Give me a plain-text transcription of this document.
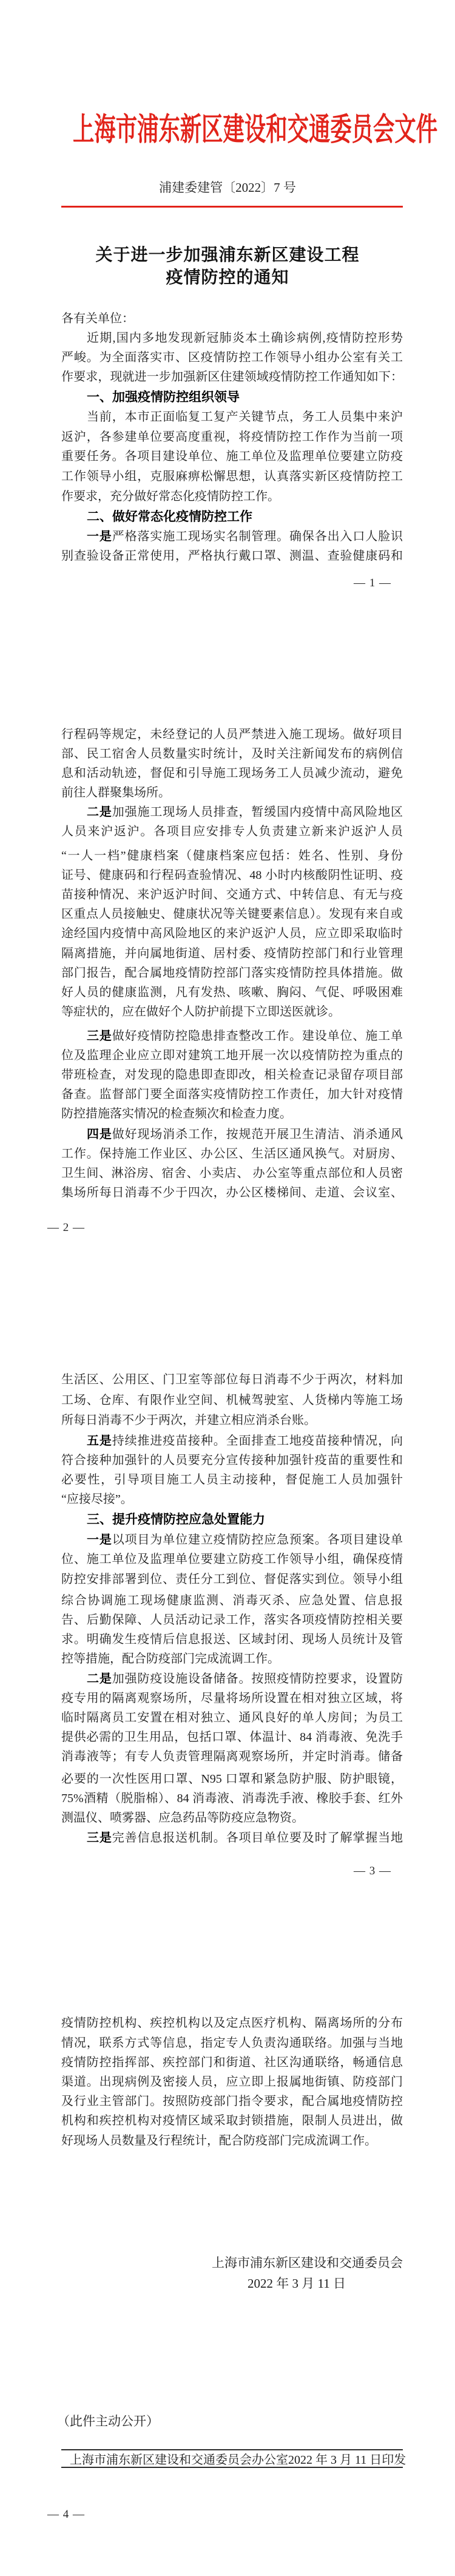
上海市浦东新区建设和交通委员会文件
浦建委建管〔2022〕7 号
关于进一步加强浦东新区建设工程
疫情防控的通知
各有关单位：
近期,国内多地发现新冠肺炎本土确诊病例,疫情防控形势
严峻。为全面落实市、区疫情防控工作领导小组办公室有关工
作要求，现就进一步加强新区住建领域疫情防控工作通知如下：
一、加强疫情防控组织领导
当前，本市正面临复工复产关键节点，务工人员集中来沪
返沪，各参建单位要高度重视，将疫情防控工作作为当前一项
重要任务。各项目建设单位、施工单位及监理单位要建立防疫
工作领导小组，克服麻痹松懈思想，认真落实新区疫情防控工
作要求，充分做好常态化疫情防控工作。
二、做好常态化疫情防控工作
一是严格落实施工现场实名制管理。确保各出入口人脸识
别查验设备正常使用，严格执行戴口罩、测温、查验健康码和
行程码等规定，未经登记的人员严禁进入施工现场。做好项目
部、民工宿舍人员数量实时统计，及时关注新闻发布的病例信
息和活动轨迹，督促和引导施工现场务工人员减少流动，避免
前往人群聚集场所。
二是加强施工现场人员排查，暂缓国内疫情中高风险地区
人员来沪返沪。各项目应安排专人负责建立新来沪返沪人员
“一人一档”健康档案（健康档案应包括：姓名、性别、身份
证号、健康码和行程码查验情况、48 小时内核酸阴性证明、疫
苗接种情况、来沪返沪时间、交通方式、中转信息、有无与疫
区重点人员接触史、健康状况等关键要素信息）。发现有来自或
途经国内疫情中高风险地区的来沪返沪人员，应立即采取临时
隔离措施，并向属地街道、居村委、疫情防控部门和行业管理
部门报告，配合属地疫情防控部门落实疫情防控具体措施。做
好人员的健康监测，凡有发热、咳嗽、胸闷、气促、呼吸困难
等症状的，应在做好个人防护前提下立即送医就诊。
三是做好疫情防控隐患排查整改工作。建设单位、施工单
位及监理企业应立即对建筑工地开展一次以疫情防控为重点的
带班检查，对发现的隐患即查即改，相关检查记录留存项目部
备查。监督部门要全面落实疫情防控工作责任，加大针对疫情
防控措施落实情况的检查频次和检查力度。
四是做好现场消杀工作，按规范开展卫生清洁、消杀通风
工作。保持施工作业区、办公区、生活区通风换气。对厨房、
卫生间、淋浴房、宿舍、小卖店、 办公室等重点部位和人员密
集场所每日消毒不少于四次，办公区楼梯间、走道、会议室、
生活区、公用区、门卫室等部位每日消毒不少于两次，材料加
工场、仓库、有限作业空间、机械驾驶室、人货梯内等施工场
所每日消毒不少于两次，并建立相应消杀台账。
五是持续推进疫苗接种。全面排查工地疫苗接种情况，向
符合接种加强针的人员要充分宣传接种加强针疫苗的重要性和
必要性，引导项目施工人员主动接种，督促施工人员加强针
“应接尽接”。
三、提升疫情防控应急处置能力
一是以项目为单位建立疫情防控应急预案。各项目建设单
位、施工单位及监理单位要建立防疫工作领导小组，确保疫情
防控安排部署到位、责任分工到位、督促落实到位。领导小组
综合协调施工现场健康监测、消毒灭杀、应急处置、信息报
告、后勤保障、人员活动记录工作，落实各项疫情防控相关要
求。明确发生疫情后信息报送、区域封闭、现场人员统计及管
控等措施，配合防疫部门完成流调工作。
二是加强防疫设施设备储备。按照疫情防控要求，设置防
疫专用的隔离观察场所，尽量将场所设置在相对独立区域，将
临时隔离员工安置在相对独立、通风良好的单人房间；为员工
提供必需的卫生用品，包括口罩、体温计、84 消毒液、免洗手
消毒液等；有专人负责管理隔离观察场所，并定时消毒。储备
必要的一次性医用口罩、N95 口罩和紧急防护服、防护眼镜，
75%酒精（脱脂棉）、84 消毒液、消毒洗手液、橡胶手套、红外
测温仪、喷雾器、应急药品等防疫应急物资。
三是完善信息报送机制。各项目单位要及时了解掌握当地
疫情防控机构、疾控机构以及定点医疗机构、隔离场所的分布
情况，联系方式等信息，指定专人负责沟通联络。加强与当地
疫情防控指挥部、疾控部门和街道、社区沟通联络，畅通信息
渠道。出现病例及密接人员，应立即上报属地街镇、防疫部门
及行业主管部门。按照防疫部门指令要求，配合属地疫情防控
机构和疾控机构对疫情区域采取封锁措施，限制人员进出，做
好现场人员数量及行程统计，配合防疫部门完成流调工作。
上海市浦东新区建设和交通委员会
2022 年 3 月 11 日
（此件主动公开）
上海市浦东新区建设和交通委员会办公室 2022 年 3 月 11 日印发
— 1 —
— 2 —
— 3 —
— 4 —
